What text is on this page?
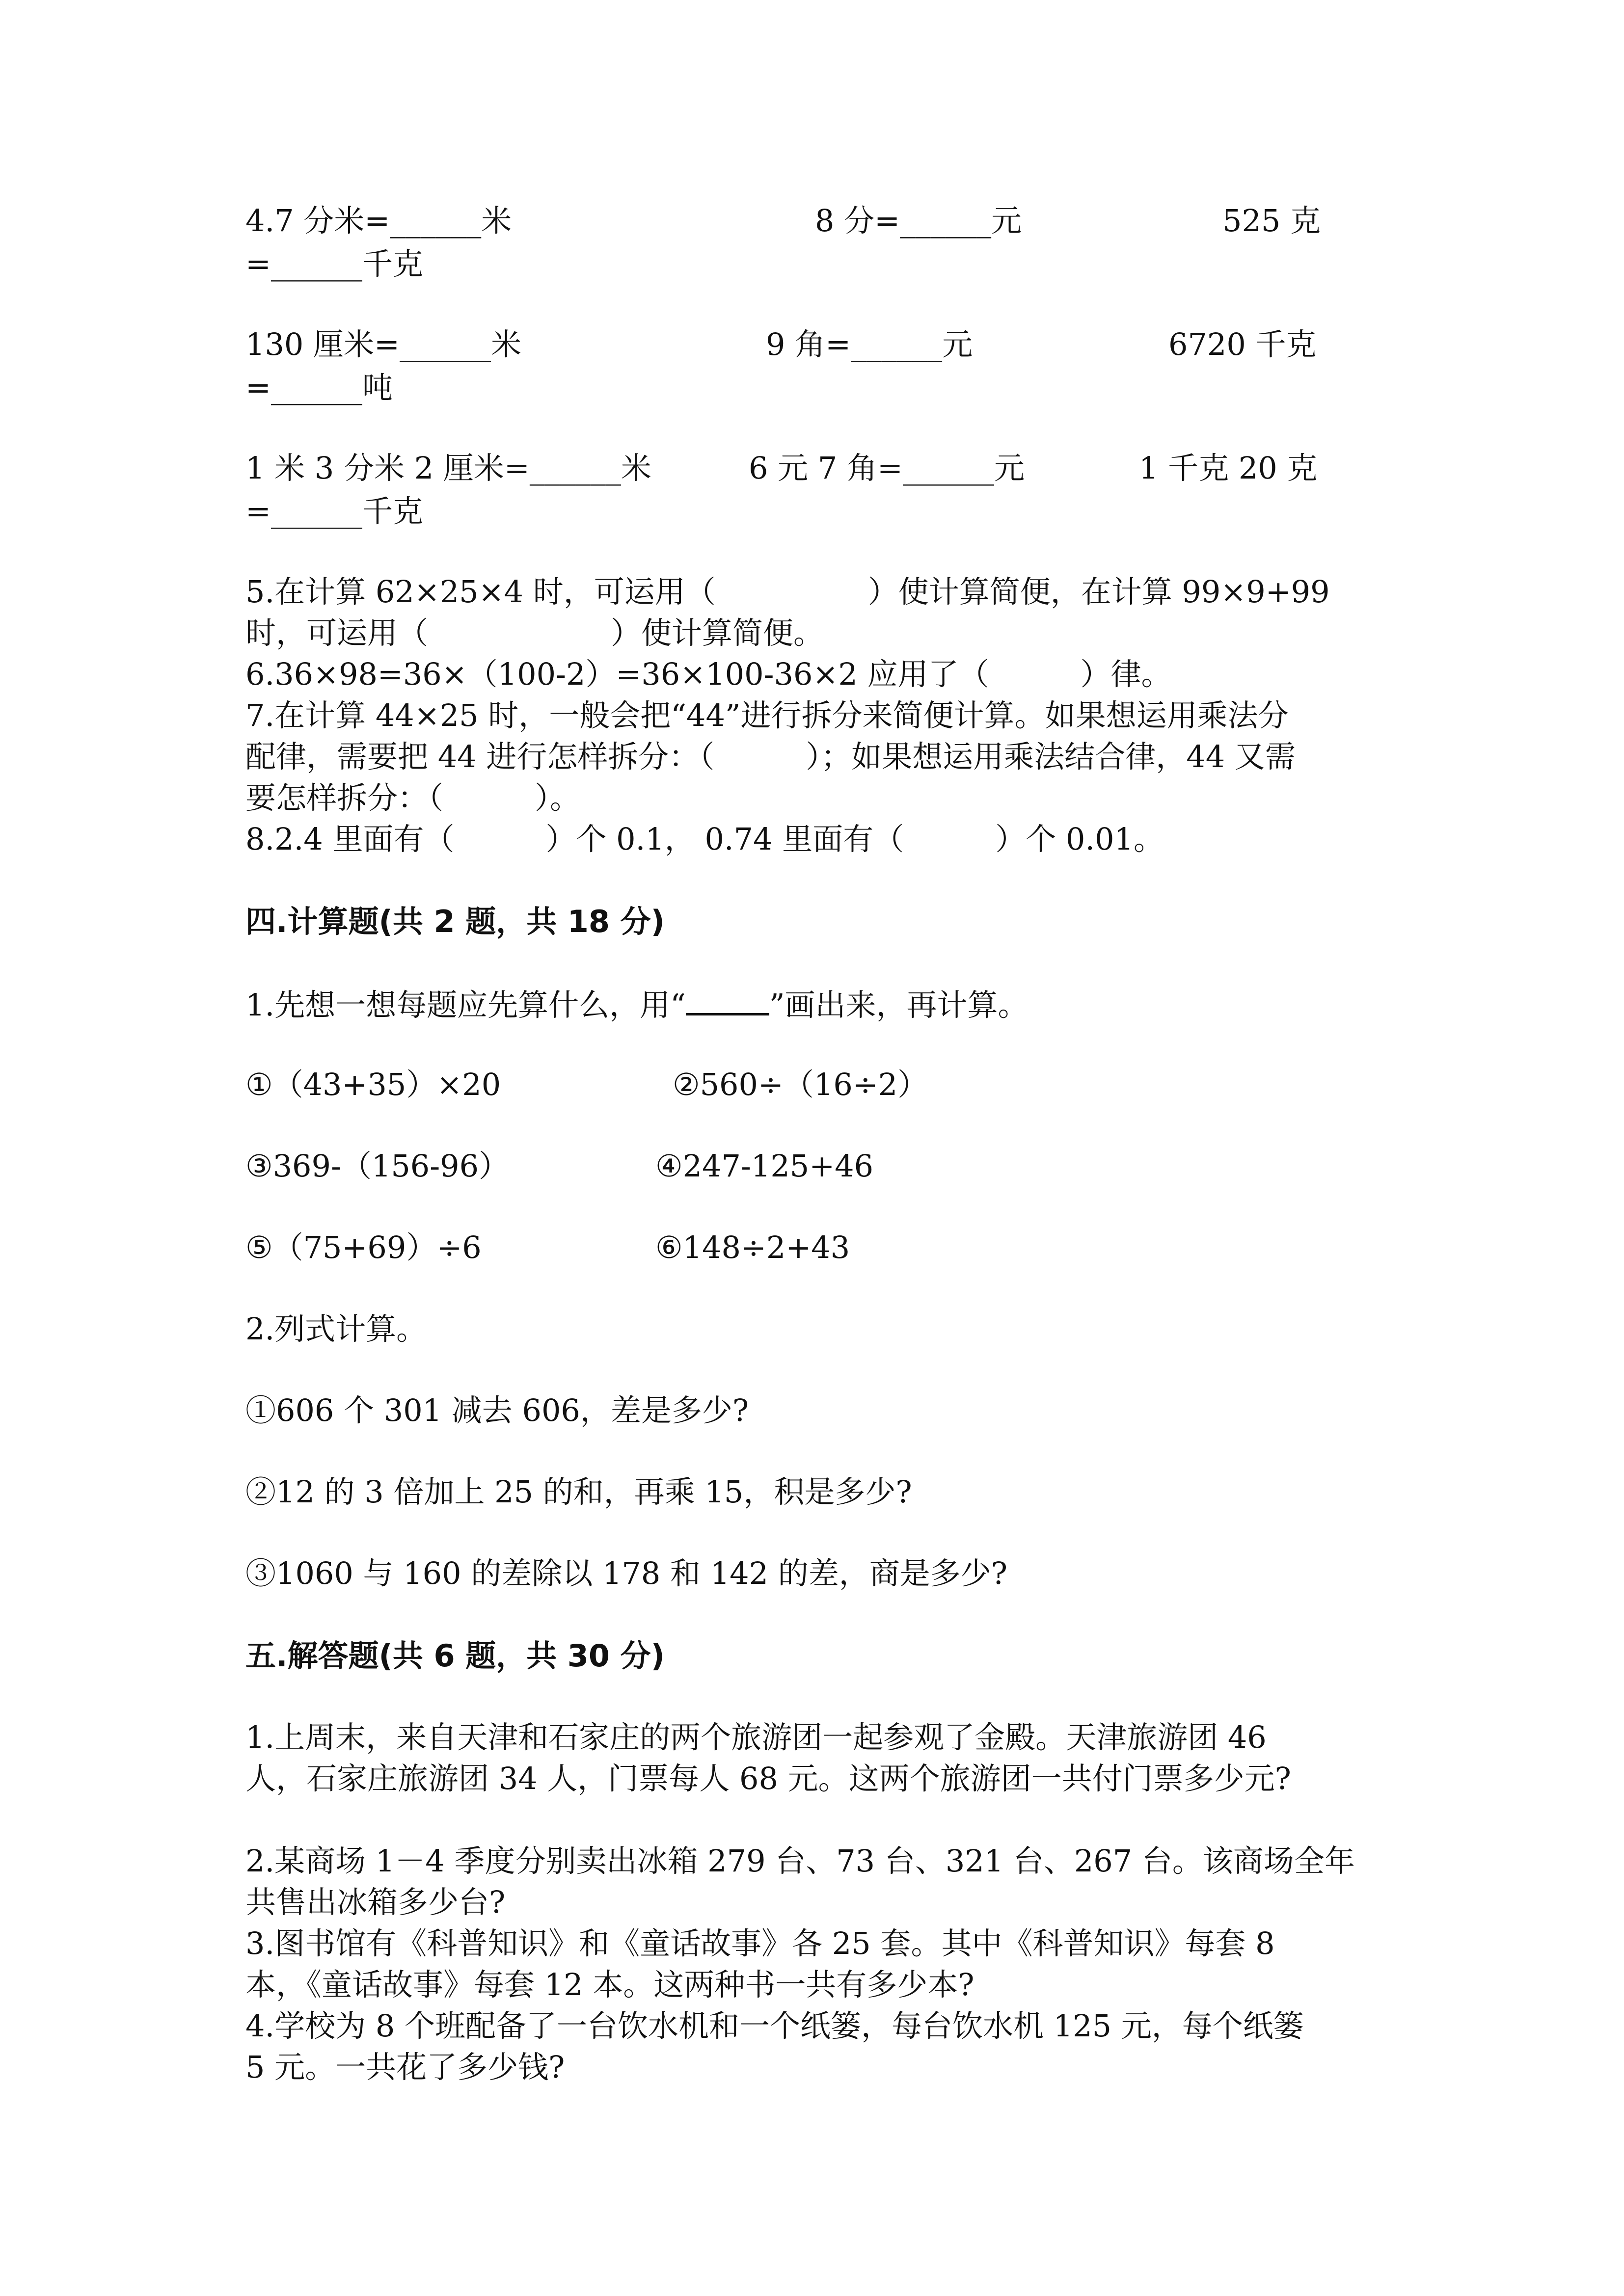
4.7 分米=______米	8 分=______元	525 克
=______千克
130 厘米=______米	9 角=______元	6720 千克
=______吨
1 米 3 分米 2 厘米=______米	6 元 7 角=______元	1 千克 20 克
=______千克
5.在计算 62×25×4 时，可运用（　　　　　）使计算简便，在计算 99×9+99
时，可运用（　　　　　　）使计算简便。
6.36×98=36×（100-2）=36×100-36×2 应用了（　　　）律。
7.在计算 44×25 时，一般会把“44”进行拆分来简便计算。如果想运用乘法分
配律，需要把 44 进行怎样拆分：（　　　）；如果想运用乘法结合律，44 又需
要怎样拆分：（　　　）。
8.2.4 里面有（　　　）个 0.1， 0.74 里面有（　　　）个 0.01。
四.计算题(共 2 题，共 18 分)
1.先想一想每题应先算什么，用“	”画出来，再计算。
①（43+35）×20	②560÷（16÷2）
③369-（156-96）	④247-125+46
⑤（75+69）÷6	⑥148÷2+43
2.列式计算。
①606 个 301 减去 606，差是多少?
②12 的 3 倍加上 25 的和，再乘 15，积是多少?
③1060 与 160 的差除以 178 和 142 的差，商是多少?
五.解答题(共 6 题，共 30 分)
1.上周末，来自天津和石家庄的两个旅游团一起参观了金殿。天津旅游团 46
人，石家庄旅游团 34 人，门票每人 68 元。这两个旅游团一共付门票多少元?
2.某商场 1－4 季度分别卖出冰箱 279 台、73 台、321 台、267 台。该商场全年
共售出冰箱多少台?
3.图书馆有《科普知识》和《童话故事》各 25 套。其中《科普知识》每套 8
本，《童话故事》每套 12 本。这两种书一共有多少本?
4.学校为 8 个班配备了一台饮水机和一个纸篓，每台饮水机 125 元，每个纸篓
5 元。一共花了多少钱?
